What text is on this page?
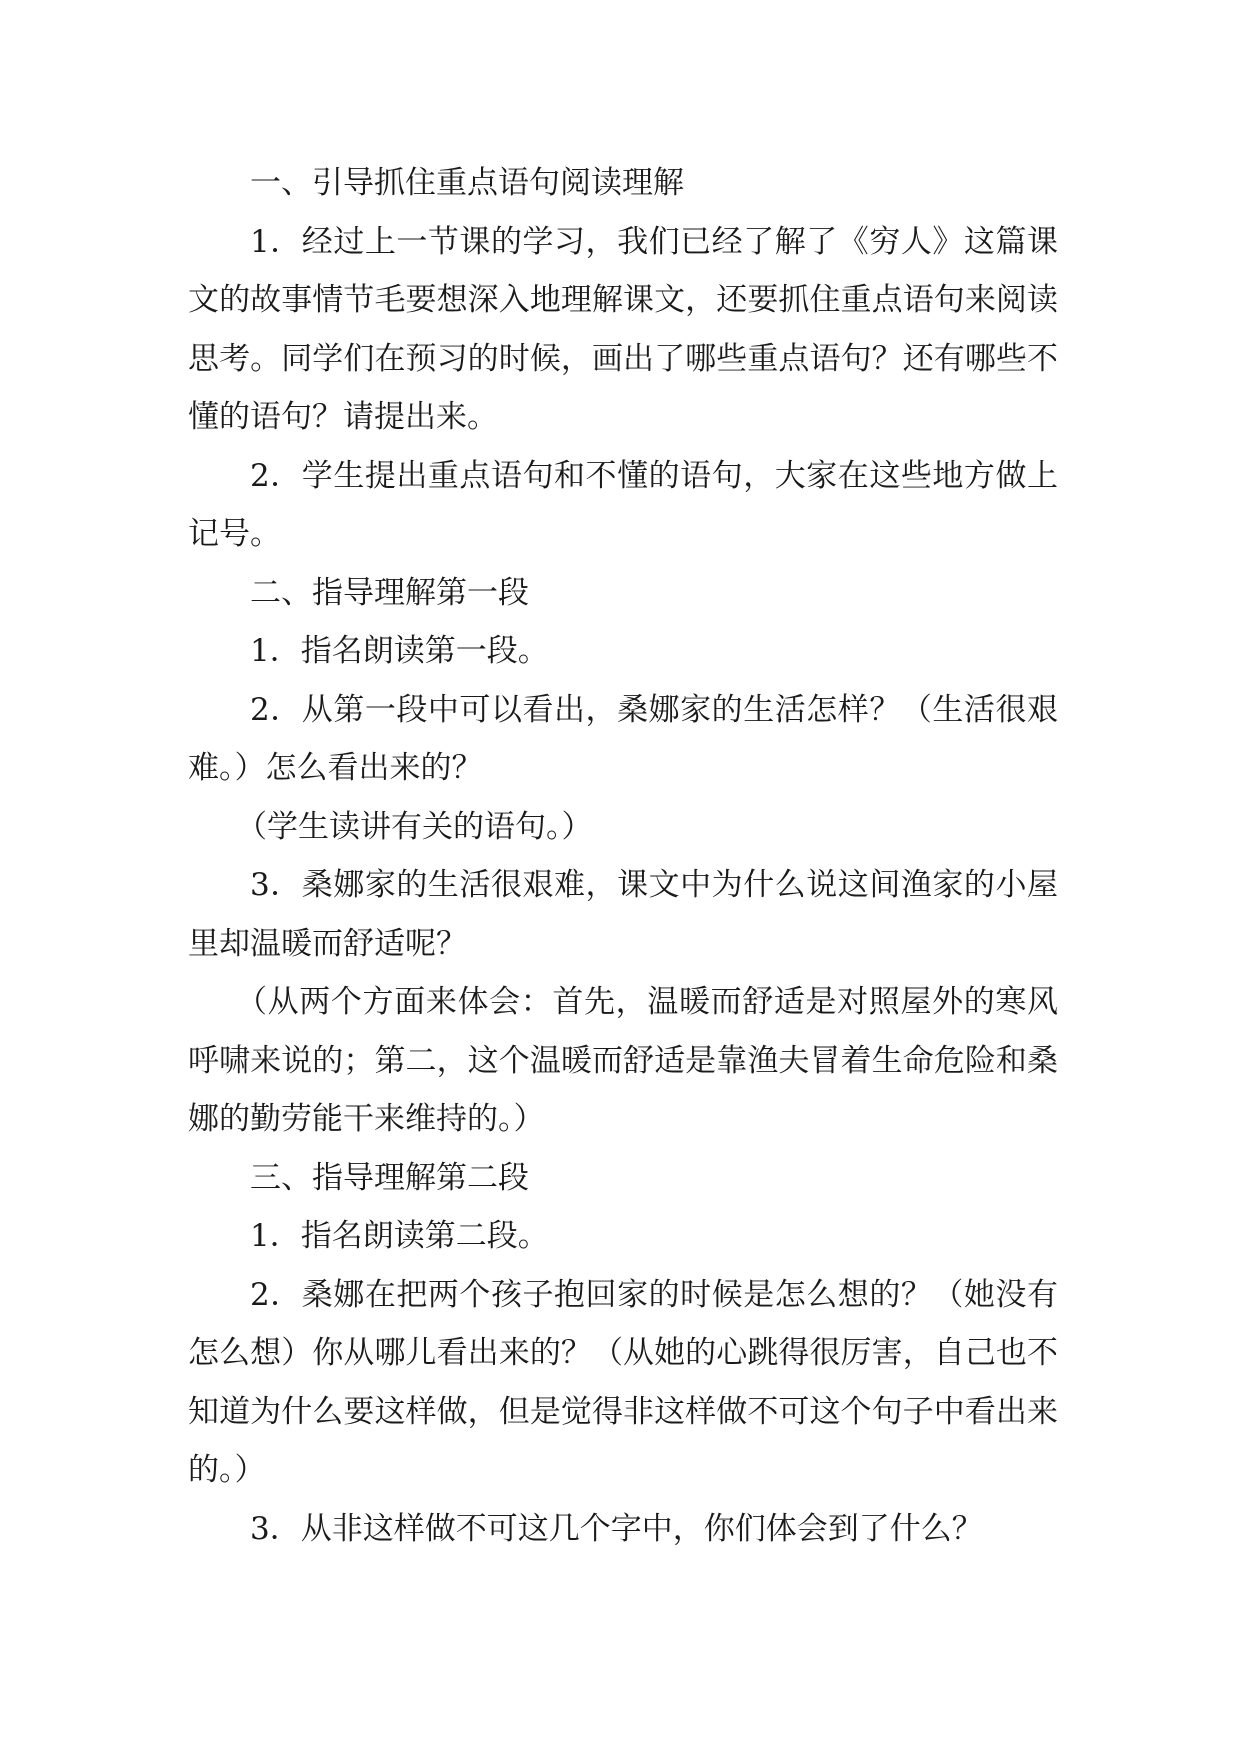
一、引导抓住重点语句阅读理解

1．经过上一节课的学习，我们已经了解了《穷人》这篇课文的故事情节毛要想深入地理解课文，还要抓住重点语句来阅读思考。同学们在预习的时候，画出了哪些重点语句？还有哪些不懂的语句？请提出来。

2．学生提出重点语句和不懂的语句，大家在这些地方做上记号。

二、指导理解第一段

1．指名朗读第一段。

2．从第一段中可以看出，桑娜家的生活怎样？（生活很艰难。）怎么看出来的？

（学生读讲有关的语句。）

3．桑娜家的生活很艰难，课文中为什么说这间渔家的小屋里却温暖而舒适呢？

（从两个方面来体会：首先，温暖而舒适是对照屋外的寒风呼啸来说的；第二，这个温暖而舒适是靠渔夫冒着生命危险和桑娜的勤劳能干来维持的。）

三、指导理解第二段

1．指名朗读第二段。

2．桑娜在把两个孩子抱回家的时候是怎么想的？（她没有怎么想）你从哪儿看出来的？（从她的心跳得很厉害，自己也不知道为什么要这样做，但是觉得非这样做不可这个句子中看出来的。）

3．从非这样做不可这几个字中，你们体会到了什么？
